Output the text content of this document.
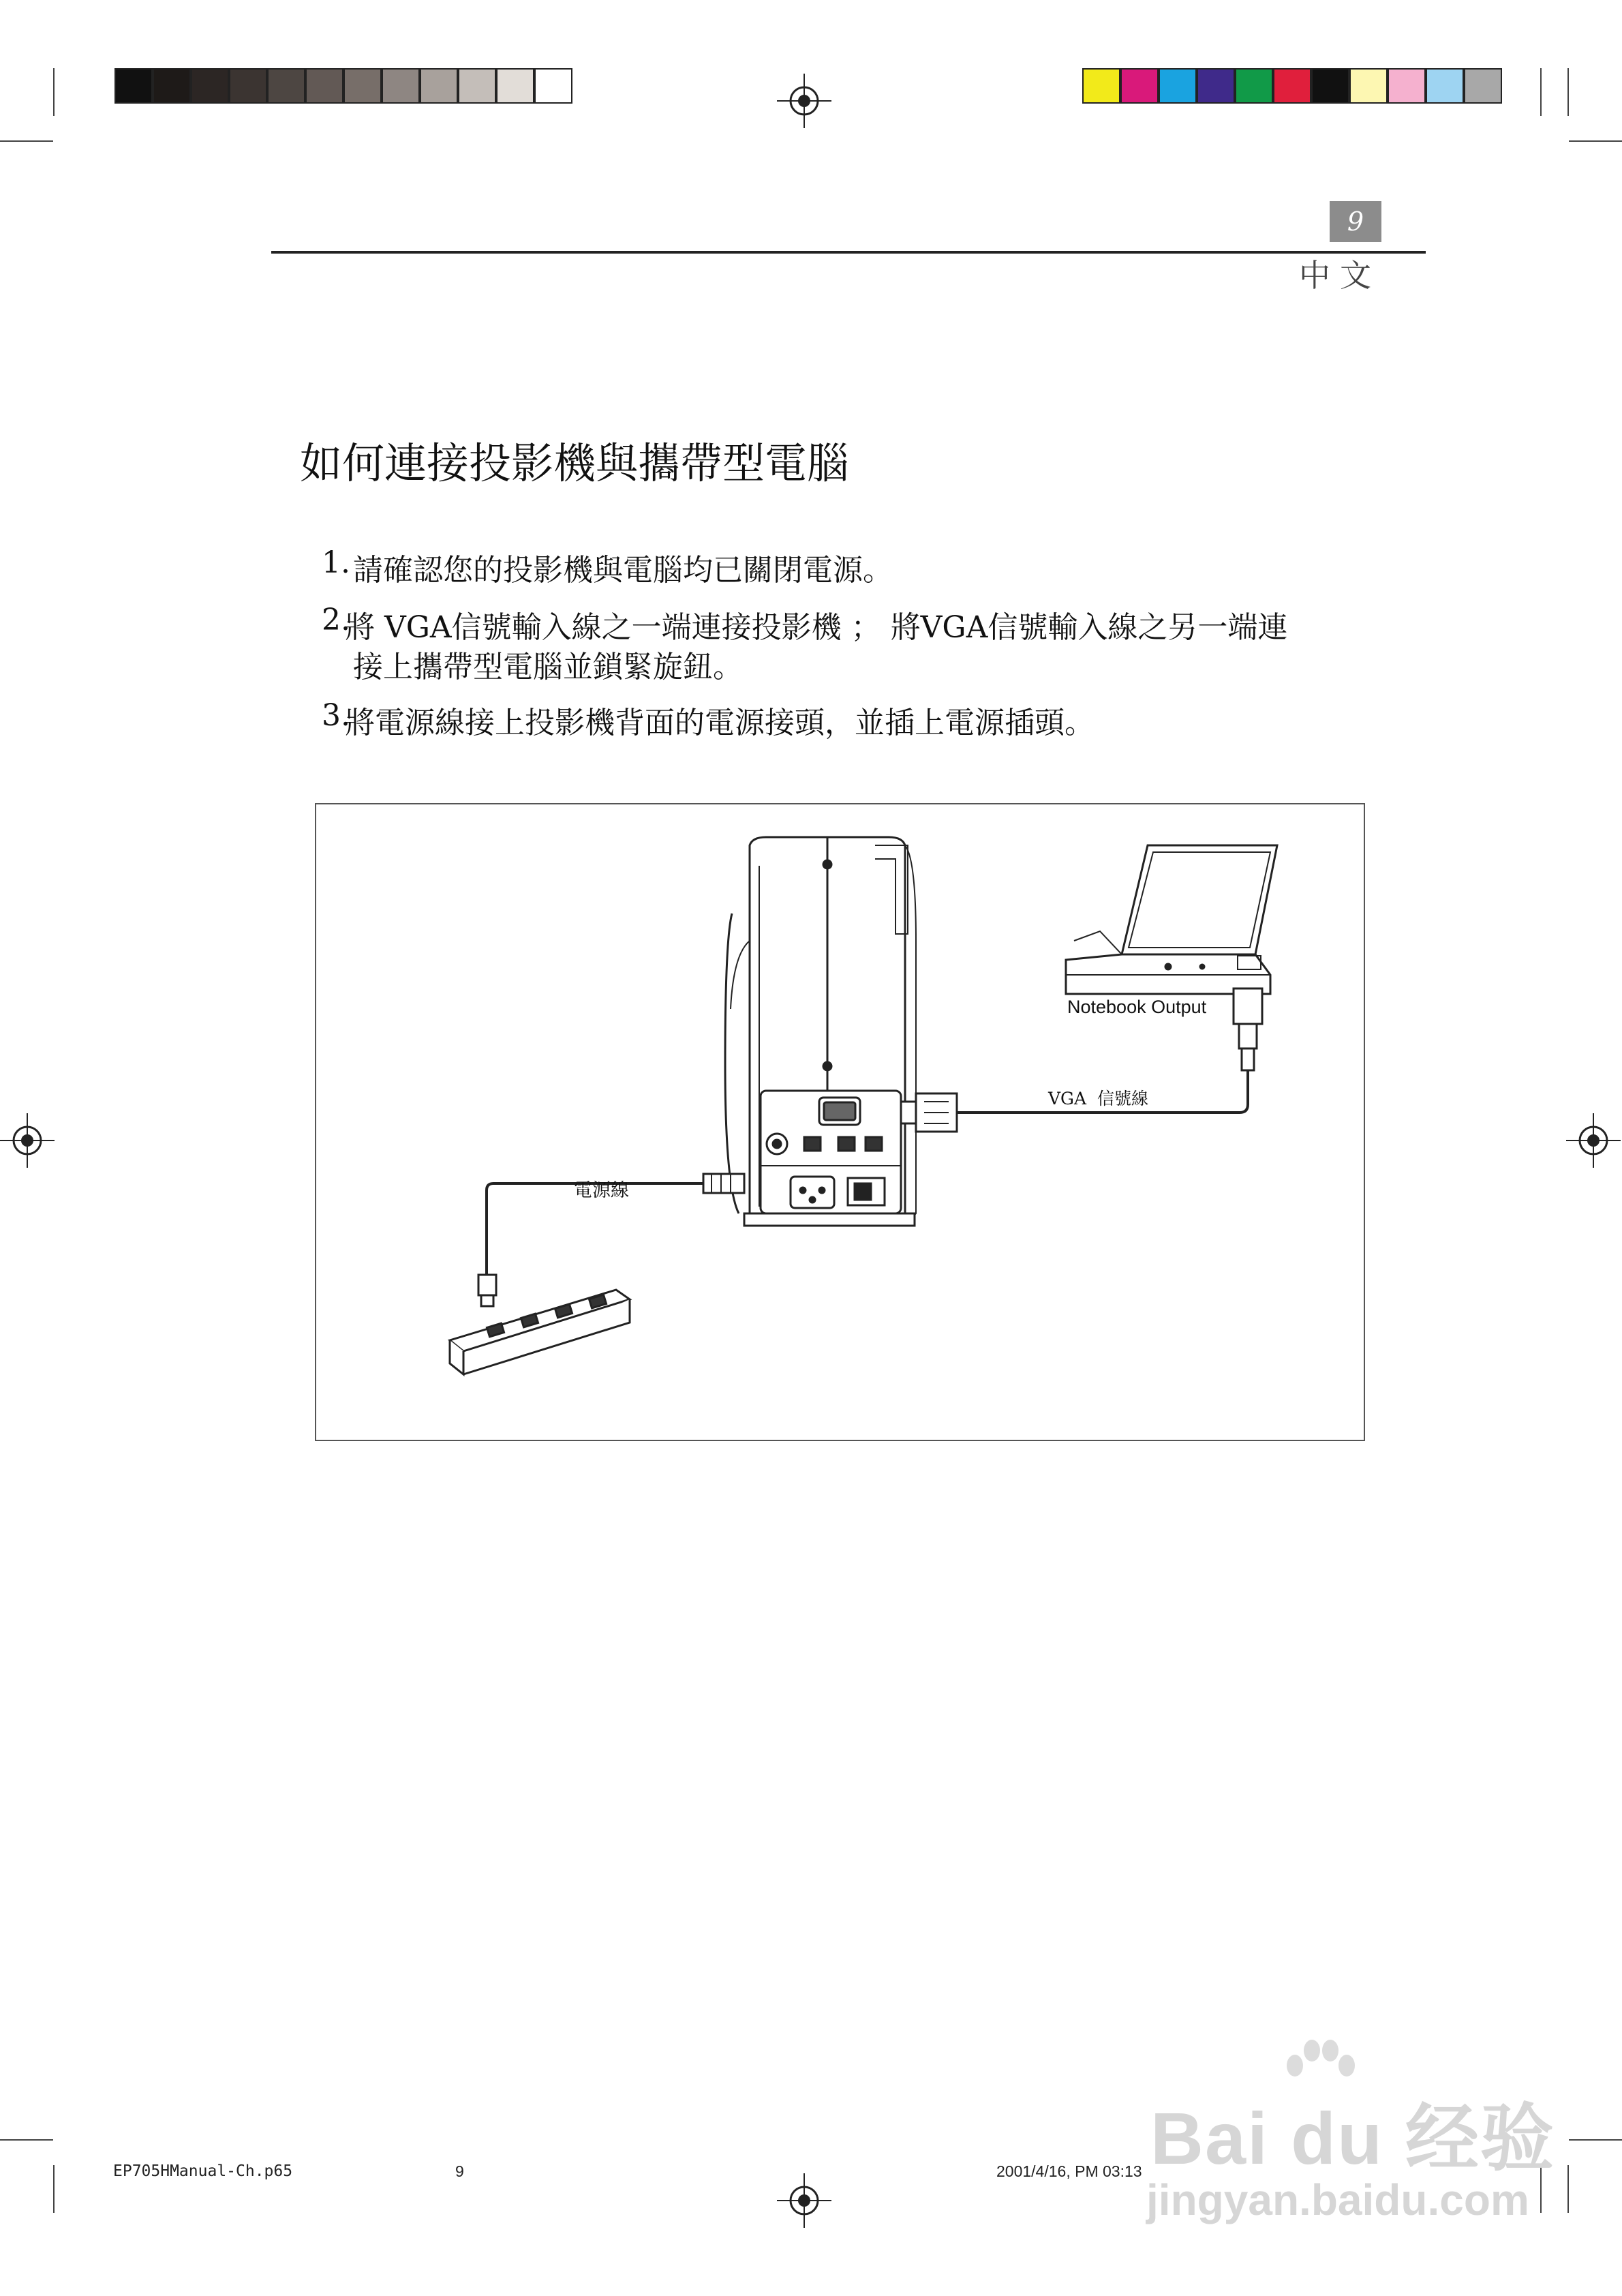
9
中文
如何連接投影機與攜帶型電腦
1. 請確認您的投影機與電腦均已關閉電源。
2.
將 VGA信號輸入線之一端連接投影機 ； 將VGA信號輸入線之另一端連
接上攜帶型電腦並鎖緊旋鈕。
3.
將電源線接上投影機背面的電源接頭，並插上電源插頭。
Notebook Output
VGA  信號線
電源線
EP705HManual-Ch.p65	9	2001/4/16, PM 03:13 Bai du 经验
jingyan.baidu.com
